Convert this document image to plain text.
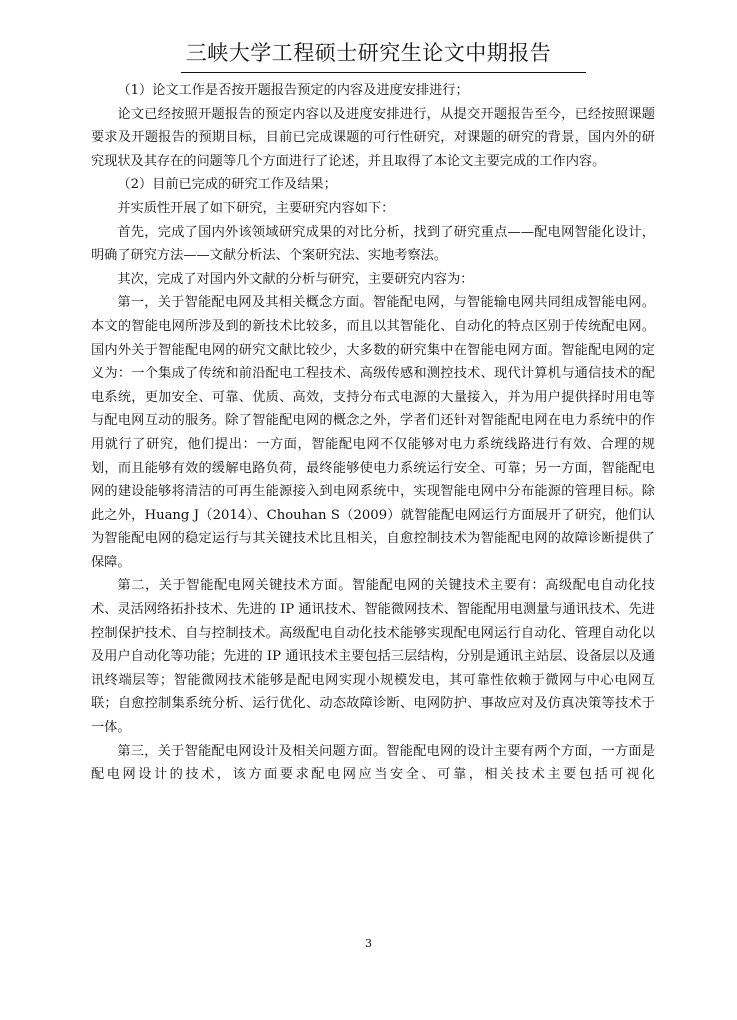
三峡大学工程硕士研究生论文中期报告

（1）论文工作是否按开题报告预定的内容及进度安排进行；

论文已经按照开题报告的预定内容以及进度安排进行，从提交开题报告至今，已经按照课题要求及开题报告的预期目标，目前已完成课题的可行性研究，对课题的研究的背景，国内外的研究现状及其存在的问题等几个方面进行了论述，并且取得了本论文主要完成的工作内容。

（2）目前已完成的研究工作及结果；

并实质性开展了如下研究，主要研究内容如下：

首先，完成了国内外该领域研究成果的对比分析，找到了研究重点——配电网智能化设计，明确了研究方法——文献分析法、个案研究法、实地考察法。

其次，完成了对国内外文献的分析与研究，主要研究内容为：

第一，关于智能配电网及其相关概念方面。智能配电网，与智能输电网共同组成智能电网。本文的智能电网所涉及到的新技术比较多，而且以其智能化、自动化的特点区别于传统配电网。国内外关于智能配电网的研究文献比较少，大多数的研究集中在智能电网方面。智能配电网的定义为：一个集成了传统和前沿配电工程技术、高级传感和测控技术、现代计算机与通信技术的配电系统，更加安全、可靠、优质、高效，支持分布式电源的大量接入，并为用户提供择时用电等与配电网互动的服务。除了智能配电网的概念之外，学者们还针对智能配电网在电力系统中的作用就行了研究，他们提出：一方面，智能配电网不仅能够对电力系统线路进行有效、合理的规划，而且能够有效的缓解电路负荷，最终能够使电力系统运行安全、可靠；另一方面，智能配电网的建设能够将清洁的可再生能源接入到电网系统中，实现智能电网中分布能源的管理目标。除此之外，Huang J（2014）、Chouhan S（2009）就智能配电网运行方面展开了研究，他们认为智能配电网的稳定运行与其关键技术比且相关，自愈控制技术为智能配电网的故障诊断提供了保障。

第二，关于智能配电网关键技术方面。智能配电网的关键技术主要有：高级配电自动化技术、灵活网络拓扑技术、先进的 IP 通讯技术、智能微网技术、智能配用电测量与通讯技术、先进控制保护技术、自与控制技术。高级配电自动化技术能够实现配电网运行自动化、管理自动化以及用户自动化等功能；先进的 IP 通讯技术主要包括三层结构，分别是通讯主站层、设备层以及通讯终端层等；智能微网技术能够是配电网实现小规模发电，其可靠性依赖于微网与中心电网互联；自愈控制集系统分析、运行优化、动态故障诊断、电网防护、事故应对及仿真决策等技术于一体。

第三，关于智能配电网设计及相关问题方面。智能配电网的设计主要有两个方面，一方面是配电网设计的技术，该方面要求配电网应当安全、可靠，相关技术主要包括可视化

3
